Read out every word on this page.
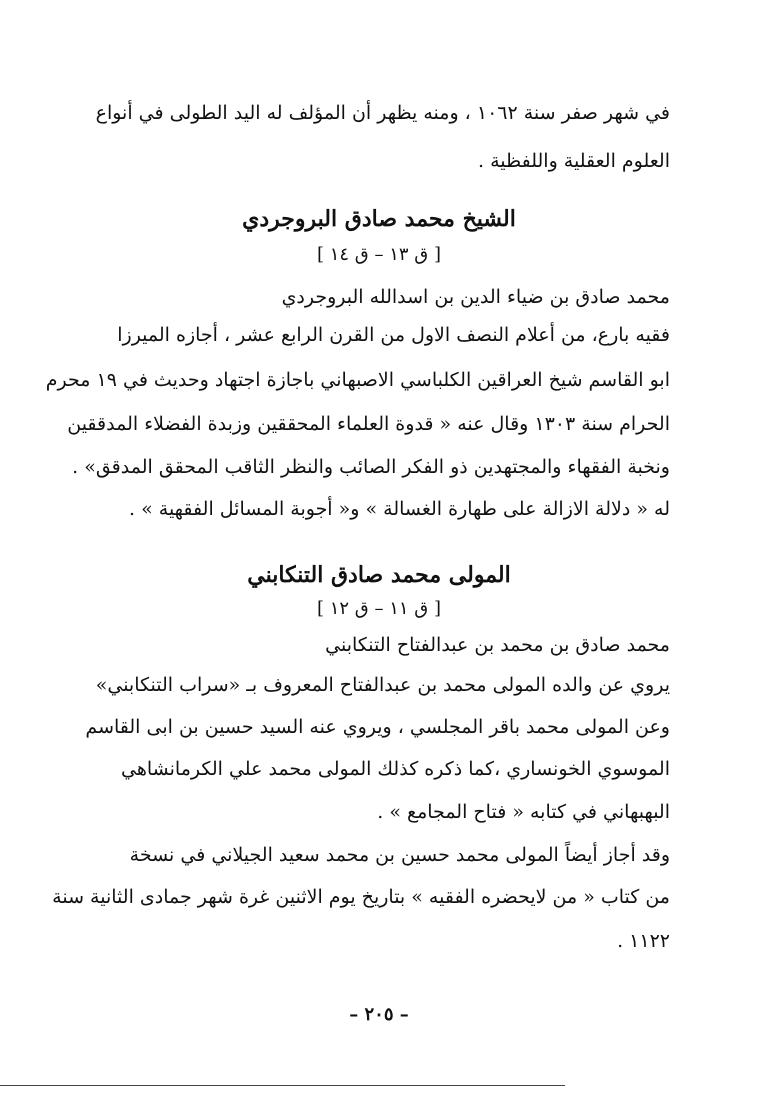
في شهر صفر سنة ١٠٦٢ ، ومنه يظهر أن المؤلف له اليد الطولى في أنواع
العلوم العقلية واللفظية .
الشيخ محمد صادق البروجردي
[ ق ١٣ – ق ١٤ ]
محمد صادق بن ضياء الدين بن اسدالله البروجردي
فقيه بارع، من أعلام النصف الاول من القرن الرابع عشر ، أجازه الميرزا
ابو القاسم شيخ العراقين الكلباسي الاصبهاني باجازة اجتهاد وحديث في ١٩ محرم
الحرام سنة ١٣٠٣ وقال عنه « قدوة العلماء المحققين وزبدة الفضلاء المدققين
ونخبة الفقهاء والمجتهدين ذو الفكر الصائب والنظر الثاقب المحقق المدقق» .
له « دلالة الازالة على طهارة الغسالة » و« أجوبة المسائل الفقهية » .
المولى محمد صادق التنكابني
[ ق ١١ – ق ١٢ ]
محمد صادق بن محمد بن عبدالفتاح التنكابني
يروي عن والده المولى محمد بن عبدالفتاح المعروف بـ «سراب التنكابني»
وعن المولى محمد باقر المجلسي ، ويروي عنه السيد حسين بن ابى القاسم
الموسوي الخونساري ،كما ذكره كذلك المولى محمد علي الكرمانشاهي
البهبهاني في كتابه « فتاح المجامع » .
وقد أجاز أيضاً المولى محمد حسين بن محمد سعيد الجيلاني في نسخة
من كتاب « من لايحضره الفقيه » بتاريخ يوم الاثنين غرة شهر جمادى الثانية سنة
١١٢٢ .
– ٢٠٥ –
